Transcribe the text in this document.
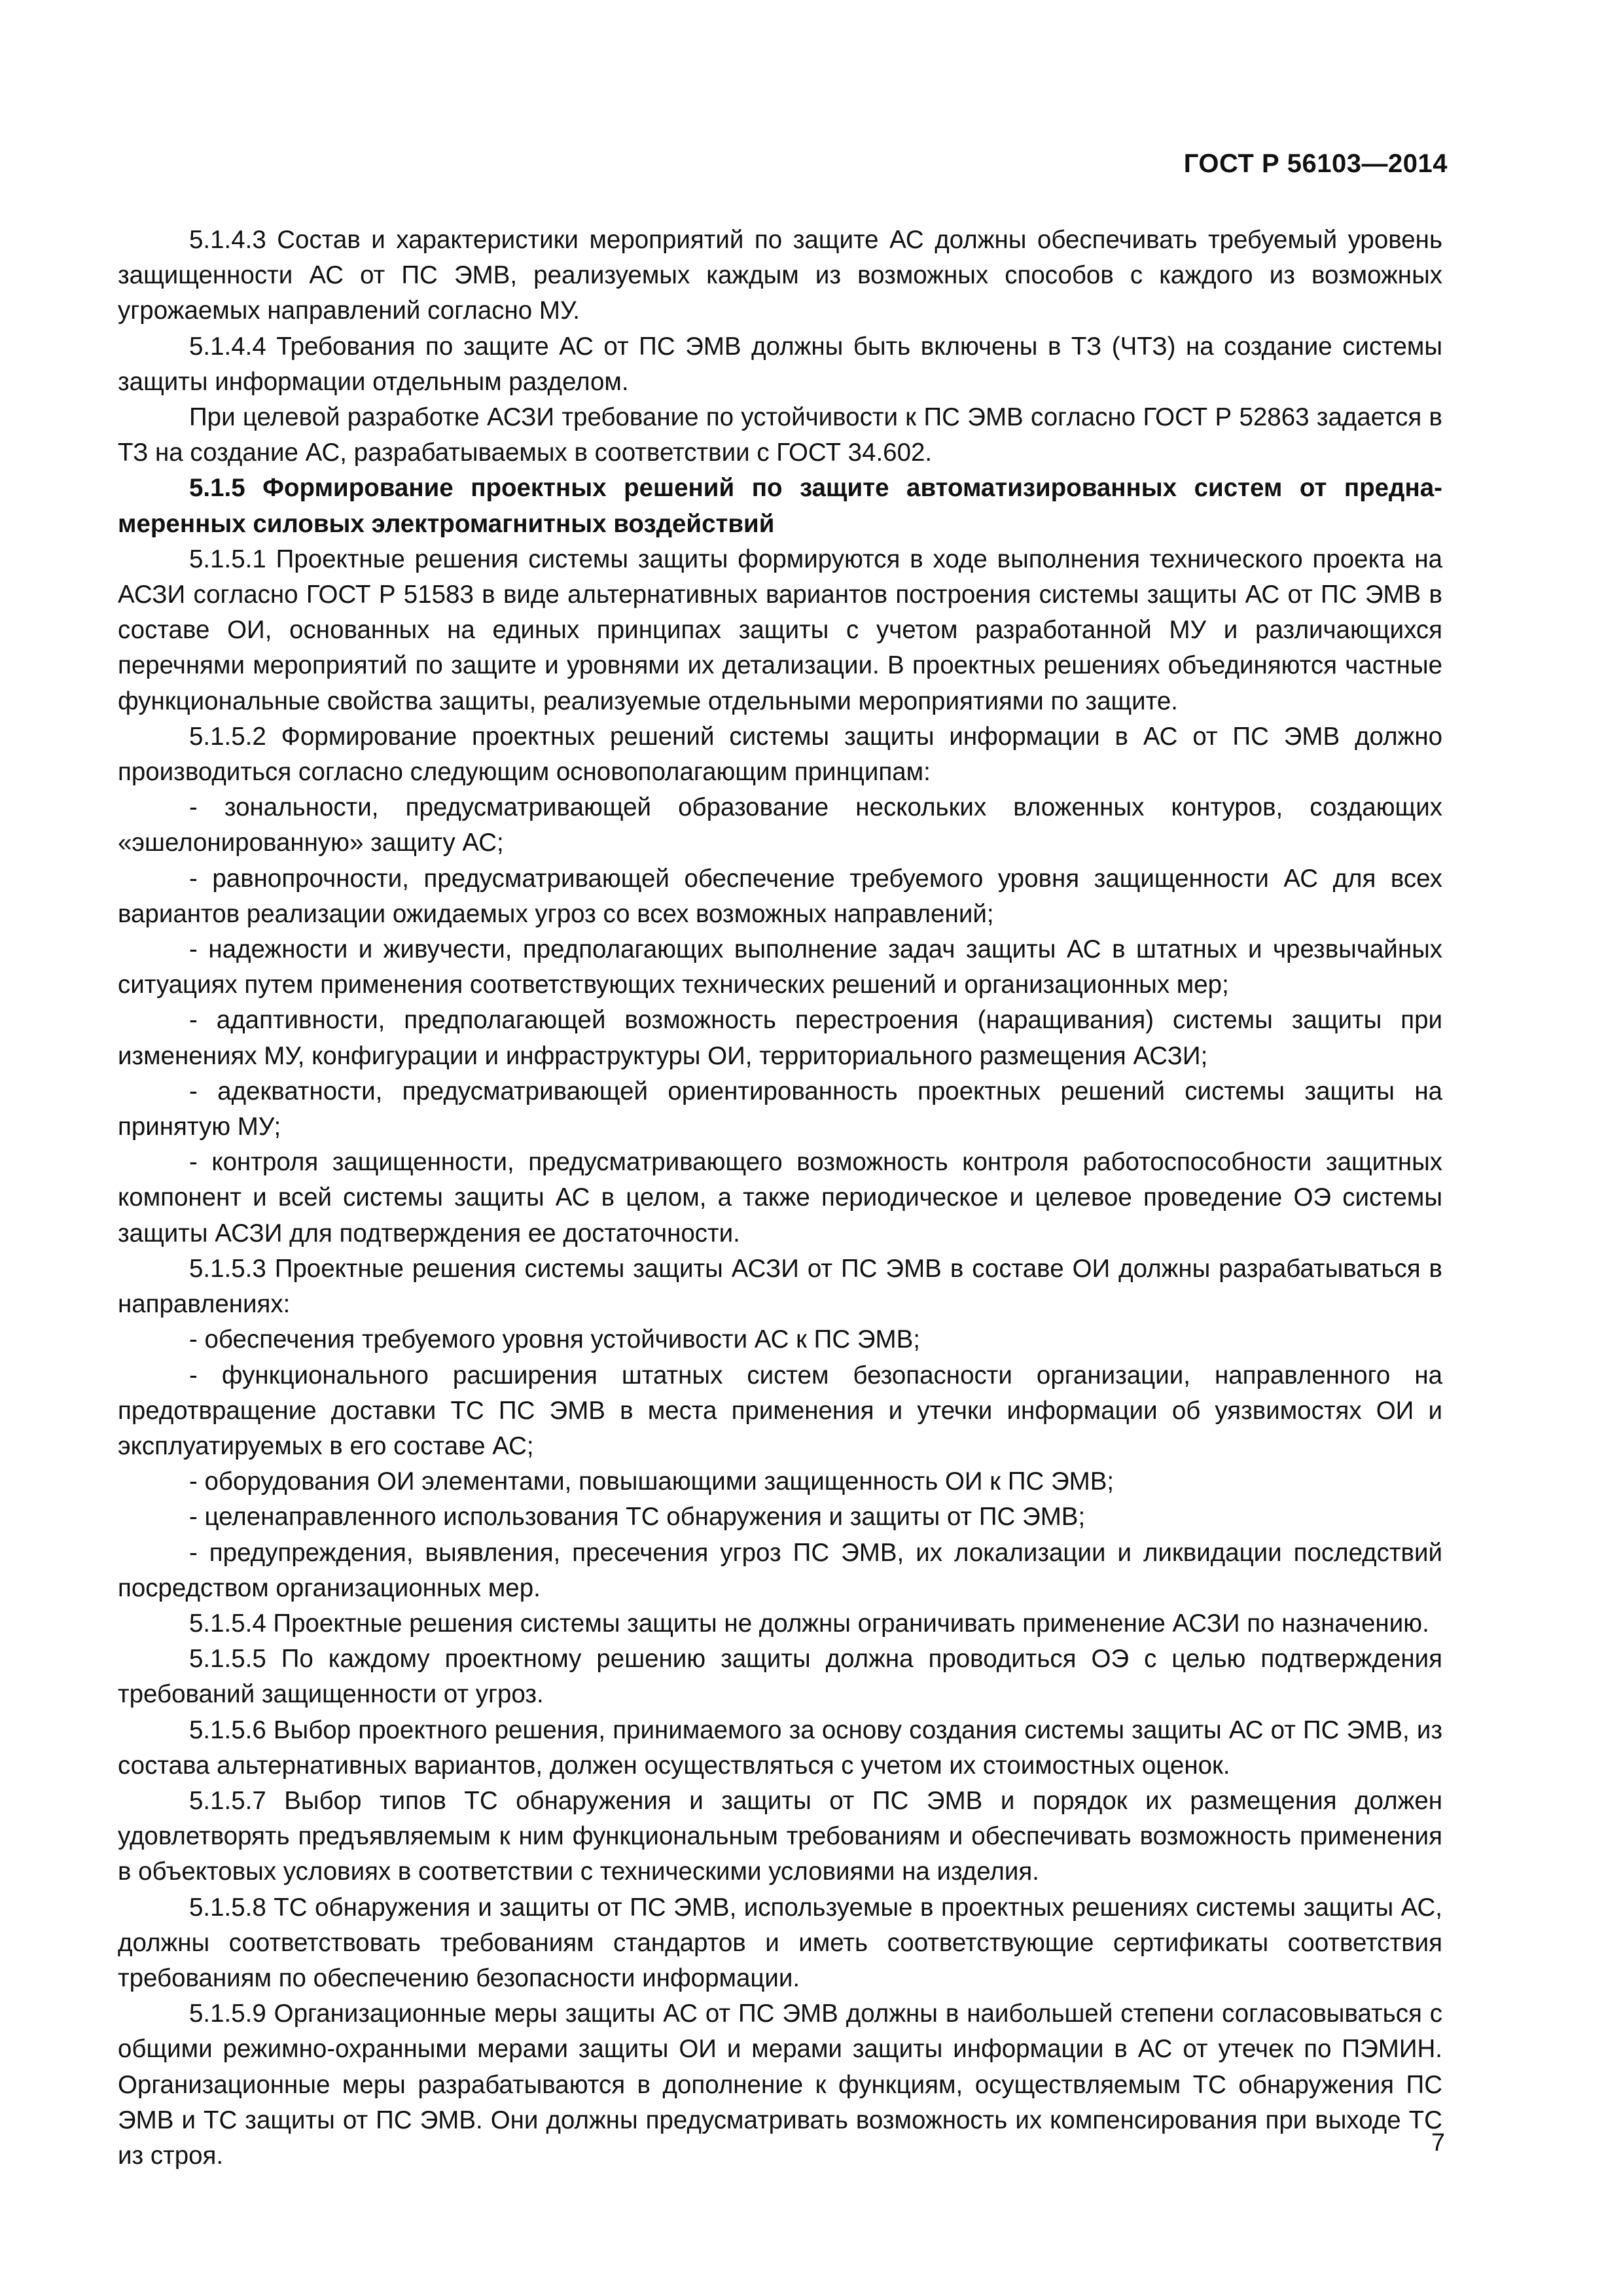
ГОСТ Р 56103—2014

5.1.4.3 Состав и характеристики мероприятий по защите АС должны обеспечивать требуемый уровень защищенности АС от ПС ЭМВ, реализуемых каждым из возможных способов с каждого из возможных угрожаемых направлений согласно МУ.

5.1.4.4 Требования по защите АС от ПС ЭМВ должны быть включены в ТЗ (ЧТЗ) на создание системы защиты информации отдельным разделом.

При целевой разработке АСЗИ требование по устойчивости к ПС ЭМВ согласно ГОСТ Р 52863 задается в ТЗ на создание АС, разрабатываемых в соответствии с ГОСТ 34.602.

5.1.5 Формирование проектных решений по защите автоматизированных систем от преднамеренных силовых электромагнитных воздействий

5.1.5.1 Проектные решения системы защиты формируются в ходе выполнения технического проекта на АСЗИ согласно ГОСТ Р 51583 в виде альтернативных вариантов построения системы защиты АС от ПС ЭМВ в составе ОИ, основанных на единых принципах защиты с учетом разработанной МУ и различающихся перечнями мероприятий по защите и уровнями их детализации. В проектных решениях объединяются частные функциональные свойства защиты, реализуемые отдельными мероприятиями по защите.

5.1.5.2 Формирование проектных решений системы защиты информации в АС от ПС ЭМВ должно производиться согласно следующим основополагающим принципам:

- зональности, предусматривающей образование нескольких вложенных контуров, создающих «эшелонированную» защиту АС;

- равнопрочности, предусматривающей обеспечение требуемого уровня защищенности АС для всех вариантов реализации ожидаемых угроз со всех возможных направлений;

- надежности и живучести, предполагающих выполнение задач защиты АС в штатных и чрезвычайных ситуациях путем применения соответствующих технических решений и организационных мер;

- адаптивности, предполагающей возможность перестроения (наращивания) системы защиты при изменениях МУ, конфигурации и инфраструктуры ОИ, территориального размещения АСЗИ;

- адекватности, предусматривающей ориентированность проектных решений системы защиты на принятую МУ;

- контроля защищенности, предусматривающего возможность контроля работоспособности защитных компонент и всей системы защиты АС в целом, а также периодическое и целевое проведение ОЭ системы защиты АСЗИ для подтверждения ее достаточности.

5.1.5.3 Проектные решения системы защиты АСЗИ от ПС ЭМВ в составе ОИ должны разрабатываться в направлениях:

- обеспечения требуемого уровня устойчивости АС к ПС ЭМВ;

- функционального расширения штатных систем безопасности организации, направленного на предотвращение доставки ТС ПС ЭМВ в места применения и утечки информации об уязвимостях ОИ и эксплуатируемых в его составе АС;

- оборудования ОИ элементами, повышающими защищенность ОИ к ПС ЭМВ;

- целенаправленного использования ТС обнаружения и защиты от ПС ЭМВ;

- предупреждения, выявления, пресечения угроз ПС ЭМВ, их локализации и ликвидации последствий посредством организационных мер.

5.1.5.4 Проектные решения системы защиты не должны ограничивать применение АСЗИ по назначению.

5.1.5.5 По каждому проектному решению защиты должна проводиться ОЭ с целью подтверждения требований защищенности от угроз.

5.1.5.6 Выбор проектного решения, принимаемого за основу создания системы защиты АС от ПС ЭМВ, из состава альтернативных вариантов, должен осуществляться с учетом их стоимостных оценок.

5.1.5.7 Выбор типов ТС обнаружения и защиты от ПС ЭМВ и порядок их размещения должен удовлетворять предъявляемым к ним функциональным требованиям и обеспечивать возможность применения в объектовых условиях в соответствии с техническими условиями на изделия.

5.1.5.8 ТС обнаружения и защиты от ПС ЭМВ, используемые в проектных решениях системы защиты АС, должны соответствовать требованиям стандартов и иметь соответствующие сертификаты соответствия требованиям по обеспечению безопасности информации.

5.1.5.9 Организационные меры защиты АС от ПС ЭМВ должны в наибольшей степени согласовываться с общими режимно-охранными мерами защиты ОИ и мерами защиты информации в АС от утечек по ПЭМИН. Организационные меры разрабатываются в дополнение к функциям, осуществляемым ТС обнаружения ПС ЭМВ и ТС защиты от ПС ЭМВ. Они должны предусматривать возможность их компенсирования при выходе ТС из строя.	7
